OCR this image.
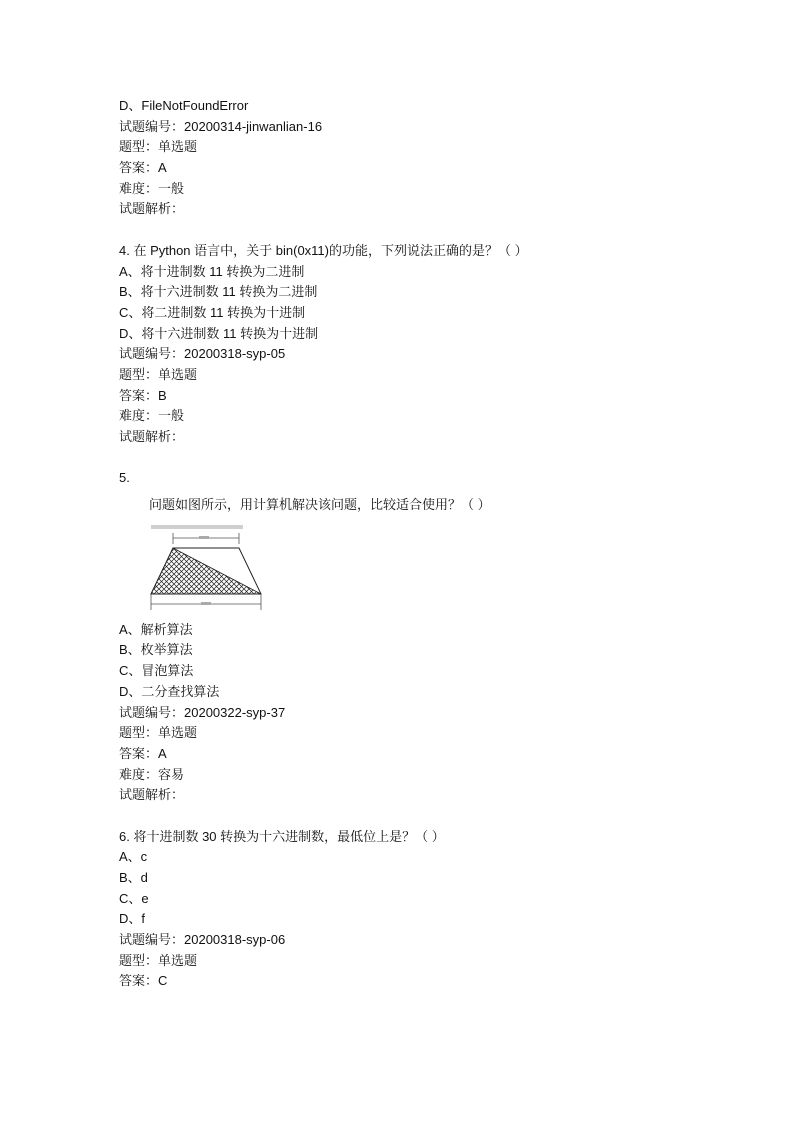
D、FileNotFoundError
试题编号：20200314-jinwanlian-16
题型：单选题
答案：A
难度：一般
试题解析：
4. 在 Python 语言中，关于 bin(0x11)的功能，下列说法正确的是？（ ）
A、将十进制数 11 转换为二进制
B、将十六进制数 11 转换为二进制
C、将二进制数 11 转换为十进制
D、将十六进制数 11 转换为十进制
试题编号：20200318-syp-05
题型：单选题
答案：B
难度：一般
试题解析：
5.
问题如图所示，用计算机解决该问题，比较适合使用？（ ）
A、解析算法
B、枚举算法
C、冒泡算法
D、二分查找算法
试题编号：20200322-syp-37
题型：单选题
答案：A
难度：容易
试题解析：
6. 将十进制数 30 转换为十六进制数，最低位上是？（ ）
A、c
B、d
C、e
D、f
试题编号：20200318-syp-06
题型：单选题
答案：C
